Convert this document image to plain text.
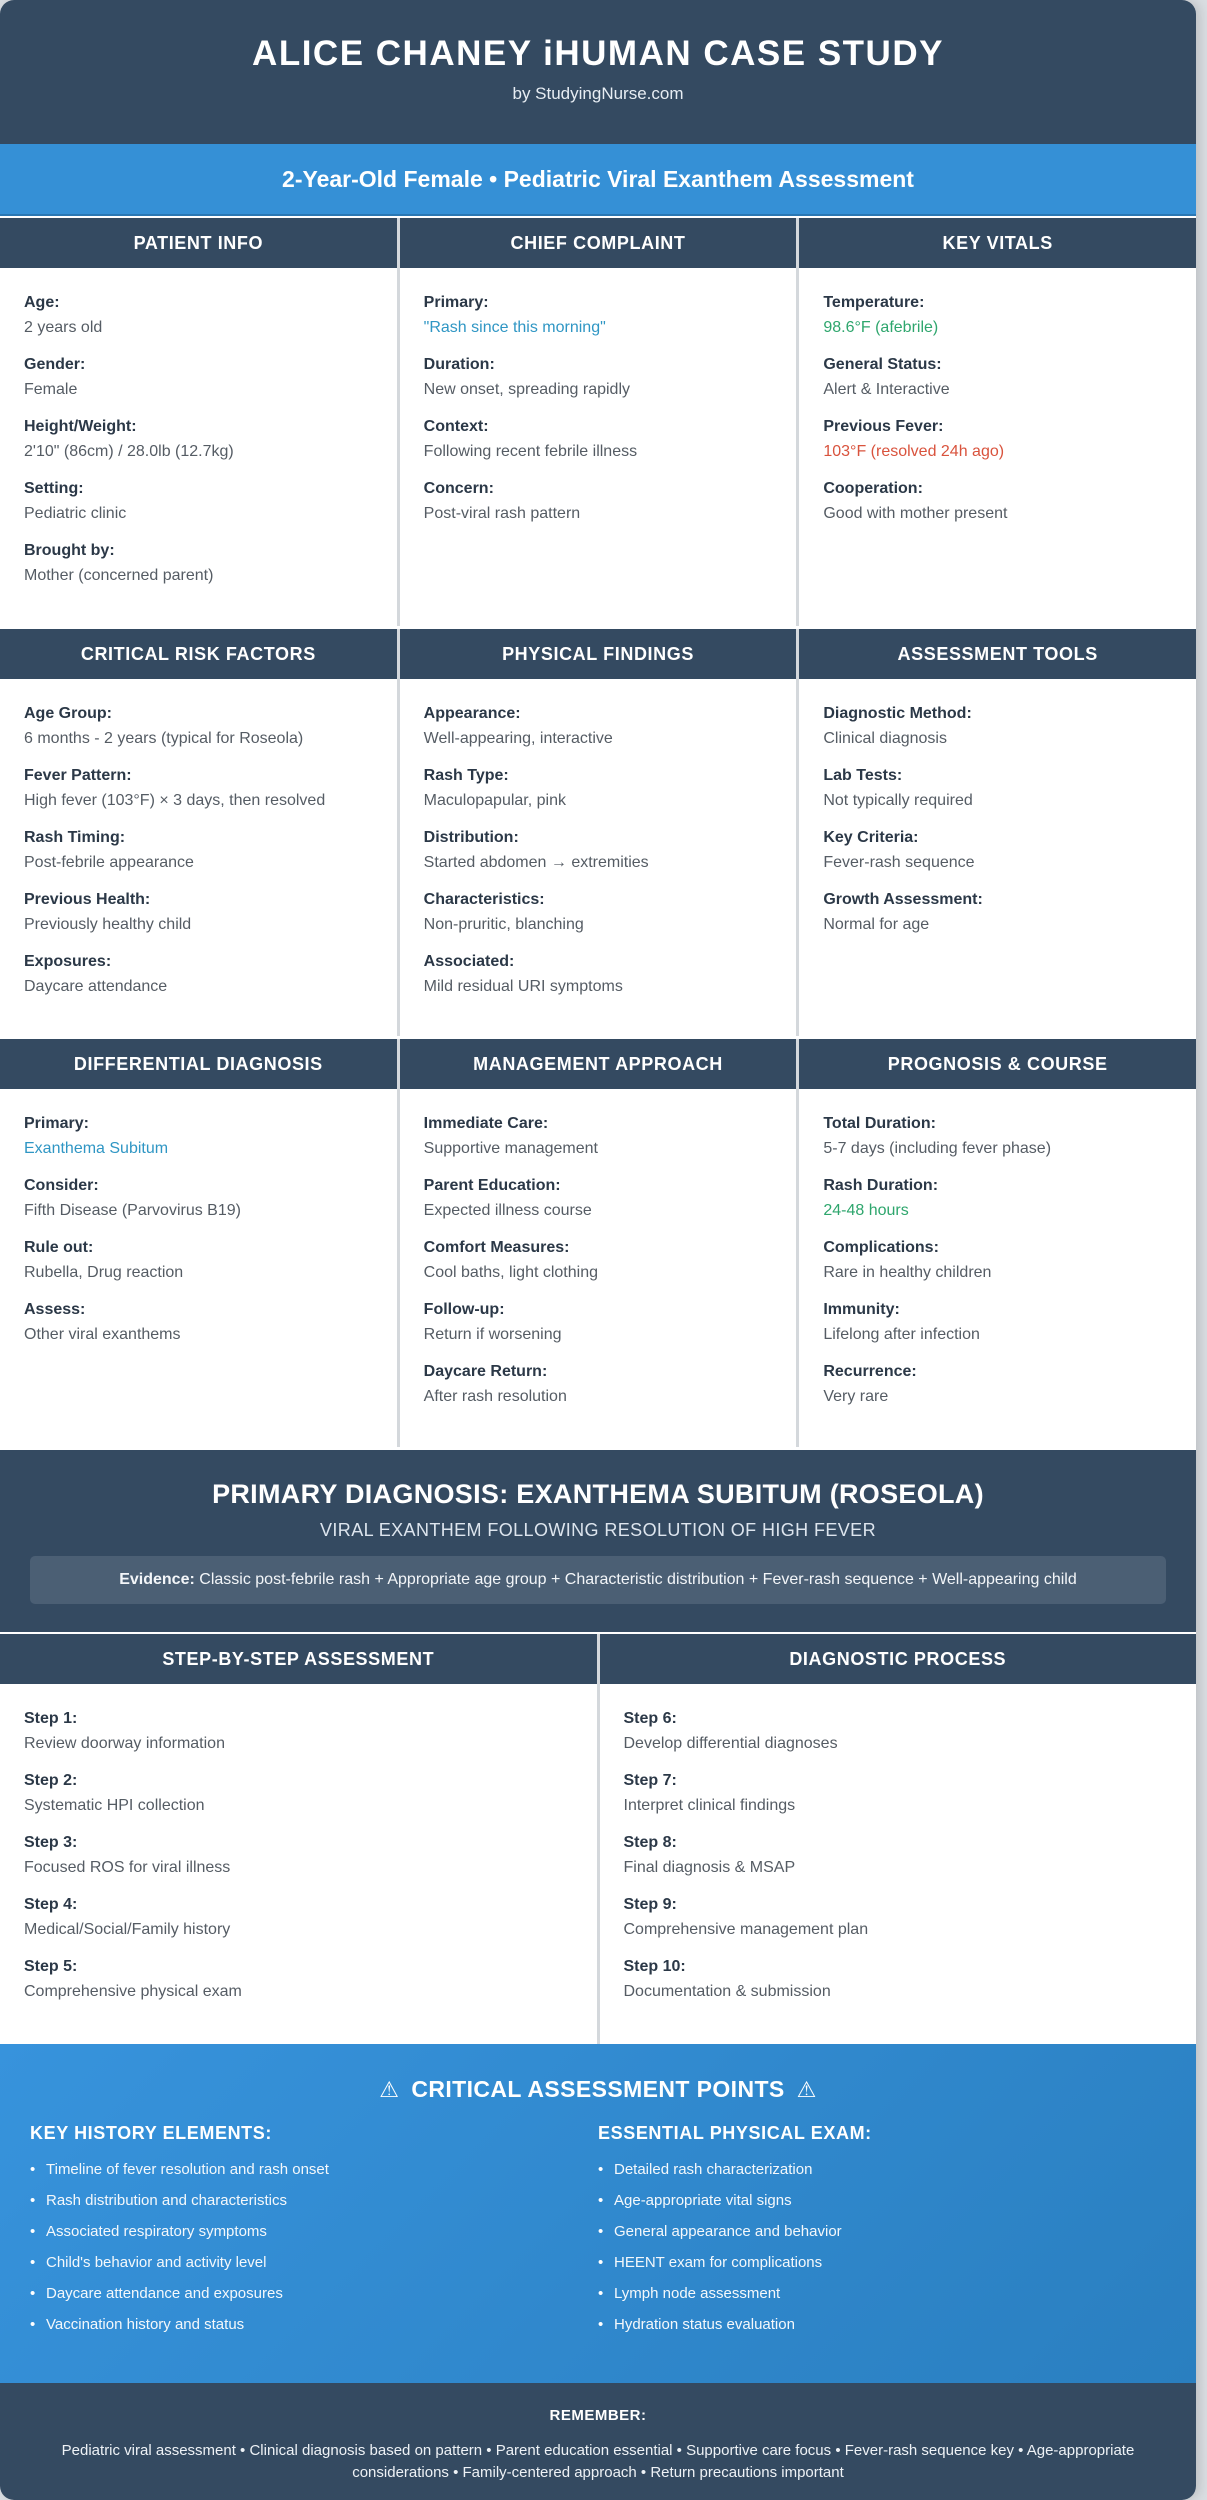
ALICE CHANEY iHUMAN CASE STUDY
by StudyingNurse.com
2-Year-Old Female • Pediatric Viral Exanthem Assessment
PATIENT INFO
Age:
2 years old
Gender:
Female
Height/Weight:
2'10" (86cm) / 28.0lb (12.7kg)
Setting:
Pediatric clinic
Brought by:
Mother (concerned parent)
CHIEF COMPLAINT
Primary:
"Rash since this morning"
Duration:
New onset, spreading rapidly
Context:
Following recent febrile illness
Concern:
Post-viral rash pattern
KEY VITALS
Temperature:
98.6°F (afebrile)
General Status:
Alert & Interactive
Previous Fever:
103°F (resolved 24h ago)
Cooperation:
Good with mother present
CRITICAL RISK FACTORS
Age Group:
6 months - 2 years (typical for Roseola)
Fever Pattern:
High fever (103°F) × 3 days, then resolved
Rash Timing:
Post-febrile appearance
Previous Health:
Previously healthy child
Exposures:
Daycare attendance
PHYSICAL FINDINGS
Appearance:
Well-appearing, interactive
Rash Type:
Maculopapular, pink
Distribution:
Started abdomen → extremities
Characteristics:
Non-pruritic, blanching
Associated:
Mild residual URI symptoms
ASSESSMENT TOOLS
Diagnostic Method:
Clinical diagnosis
Lab Tests:
Not typically required
Key Criteria:
Fever-rash sequence
Growth Assessment:
Normal for age
DIFFERENTIAL DIAGNOSIS
Primary:
Exanthema Subitum
Consider:
Fifth Disease (Parvovirus B19)
Rule out:
Rubella, Drug reaction
Assess:
Other viral exanthems
MANAGEMENT APPROACH
Immediate Care:
Supportive management
Parent Education:
Expected illness course
Comfort Measures:
Cool baths, light clothing
Follow-up:
Return if worsening
Daycare Return:
After rash resolution
PROGNOSIS & COURSE
Total Duration:
5-7 days (including fever phase)
Rash Duration:
24-48 hours
Complications:
Rare in healthy children
Immunity:
Lifelong after infection
Recurrence:
Very rare
PRIMARY DIAGNOSIS: EXANTHEMA SUBITUM (ROSEOLA)
VIRAL EXANTHEM FOLLOWING RESOLUTION OF HIGH FEVER
Evidence: Classic post-febrile rash + Appropriate age group + Characteristic distribution + Fever-rash sequence + Well-appearing child
STEP-BY-STEP ASSESSMENT
Step 1:
Review doorway information
Step 2:
Systematic HPI collection
Step 3:
Focused ROS for viral illness
Step 4:
Medical/Social/Family history
Step 5:
Comprehensive physical exam
DIAGNOSTIC PROCESS
Step 6:
Develop differential diagnoses
Step 7:
Interpret clinical findings
Step 8:
Final diagnosis & MSAP
Step 9:
Comprehensive management plan
Step 10:
Documentation & submission
⚠ CRITICAL ASSESSMENT POINTS ⚠
KEY HISTORY ELEMENTS:
• Timeline of fever resolution and rash onset
• Rash distribution and characteristics
• Associated respiratory symptoms
• Child's behavior and activity level
• Daycare attendance and exposures
• Vaccination history and status
ESSENTIAL PHYSICAL EXAM:
• Detailed rash characterization
• Age-appropriate vital signs
• General appearance and behavior
• HEENT exam for complications
• Lymph node assessment
• Hydration status evaluation
REMEMBER:
Pediatric viral assessment • Clinical diagnosis based on pattern • Parent education essential • Supportive care focus • Fever-rash sequence key • Age-appropriate considerations • Family-centered approach • Return precautions important
